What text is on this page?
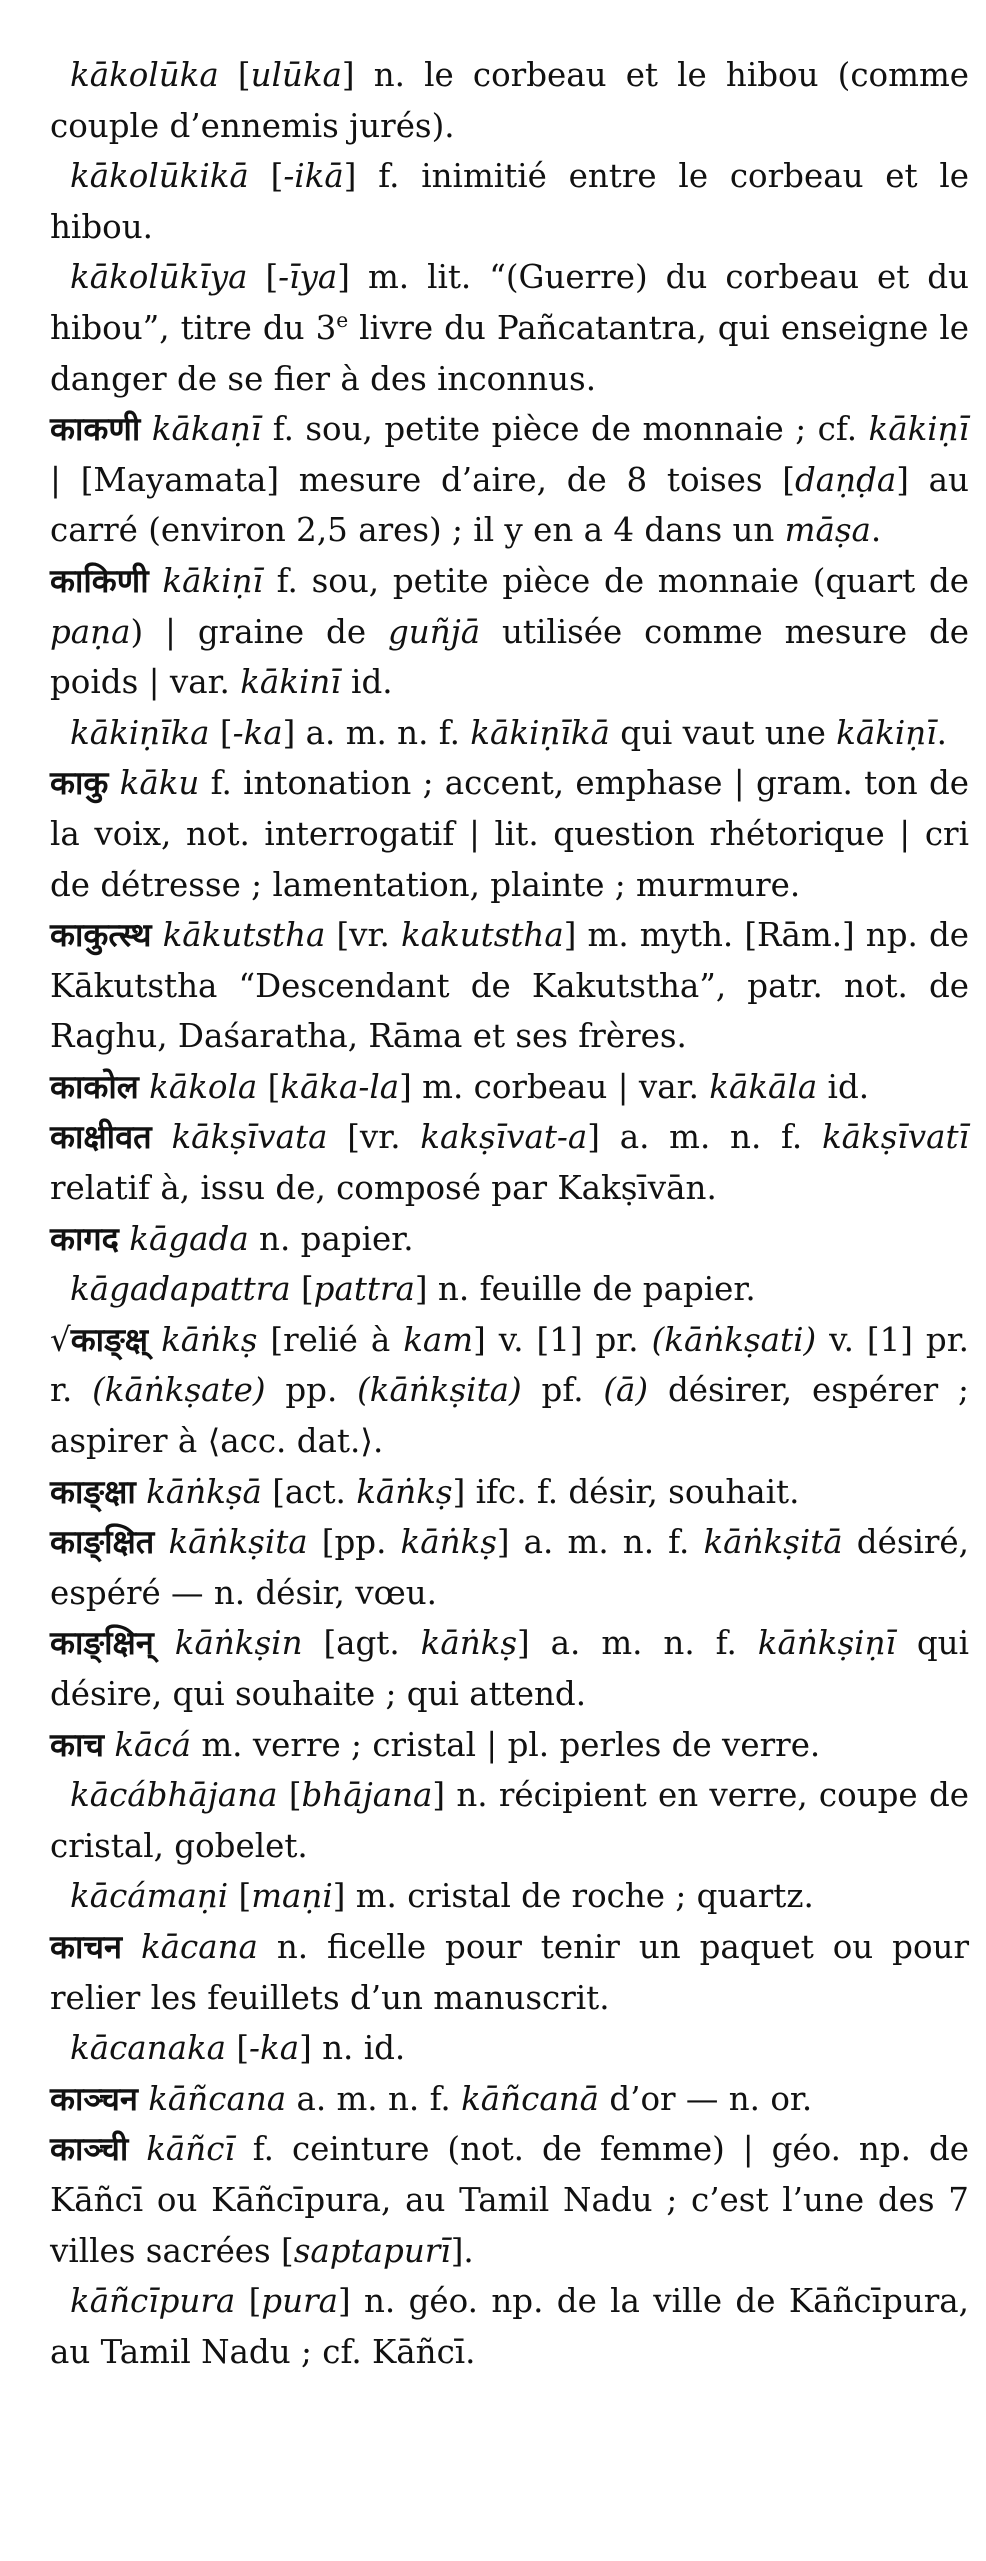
kākolūka [ulūka] n. le corbeau et le hibou (comme couple d’ennemis jurés).

kākolūkikā [-ikā] f. inimitié entre le corbeau et le hibou.

kākolūkīya [-īya] m. lit. “(Guerre) du corbeau et du hibou”, titre du 3e livre du Pañcatantra, qui enseigne le danger de se fier à des inconnus.

काकणी kākaṇī f. sou, petite pièce de monnaie ; cf. kākiṇī | [Mayamata] mesure d’aire, de 8 toises [daṇḍa] au carré (environ 2,5 ares) ; il y en a 4 dans un māṣa.

काकिणी kākiṇī f. sou, petite pièce de monnaie (quart de paṇa) | graine de guñjā utilisée comme mesure de poids | var. kākinī id.

kākiṇīka [-ka] a. m. n. f. kākiṇīkā qui vaut une kākiṇī.

काकु kāku f. intonation ; accent, emphase | gram. ton de la voix, not. interrogatif | lit. question rhétorique | cri de détresse ; lamentation, plainte ; murmure.

काकुत्स्थ kākutstha [vr. kakutstha] m. myth. [Rām.] np. de Kākutstha “Descendant de Kakutstha”, patr. not. de Raghu, Daśaratha, Rāma et ses frères.

काकोल kākola [kāka-la] m. corbeau | var. kākāla id.

काक्षीवत kākṣīvata [vr. kakṣīvat-a] a. m. n. f. kākṣīvatī relatif à, issu de, composé par Kakṣīvān.

कागद kāgada n. papier.

kāgadapattra [pattra] n. feuille de papier.

√काङ्क्ष् kāṅkṣ [relié à kam] v. [1] pr. (kāṅkṣati) v. [1] pr. r. (kāṅkṣate) pp. (kāṅkṣita) pf. (ā) désirer, espérer ; aspirer à ⟨acc. dat.⟩.

काङ्क्षा kāṅkṣā [act. kāṅkṣ] ifc. f. désir, souhait.

काङ्क्षित kāṅkṣita [pp. kāṅkṣ] a. m. n. f. kāṅkṣitā désiré, espéré — n. désir, vœu.

काङ्क्षिन् kāṅkṣin [agt. kāṅkṣ] a. m. n. f. kāṅkṣiṇī qui désire, qui souhaite ; qui attend.

काच kācá m. verre ; cristal | pl. perles de verre.

kācábhājana [bhājana] n. récipient en verre, coupe de cristal, gobelet.

kācámaṇi [maṇi] m. cristal de roche ; quartz.

काचन kācana n. ficelle pour tenir un paquet ou pour relier les feuillets d’un manuscrit.

kācanaka [-ka] n. id.

काञ्चन kāñcana a. m. n. f. kāñcanā d’or — n. or.

काञ्ची kāñcī f. ceinture (not. de femme) | géo. np. de Kāñcī ou Kāñcīpura, au Tamil Nadu ; c’est l’une des 7 villes sacrées [saptapurī].

kāñcīpura [pura] n. géo. np. de la ville de Kāñcīpura, au Tamil Nadu ; cf. Kāñcī.
